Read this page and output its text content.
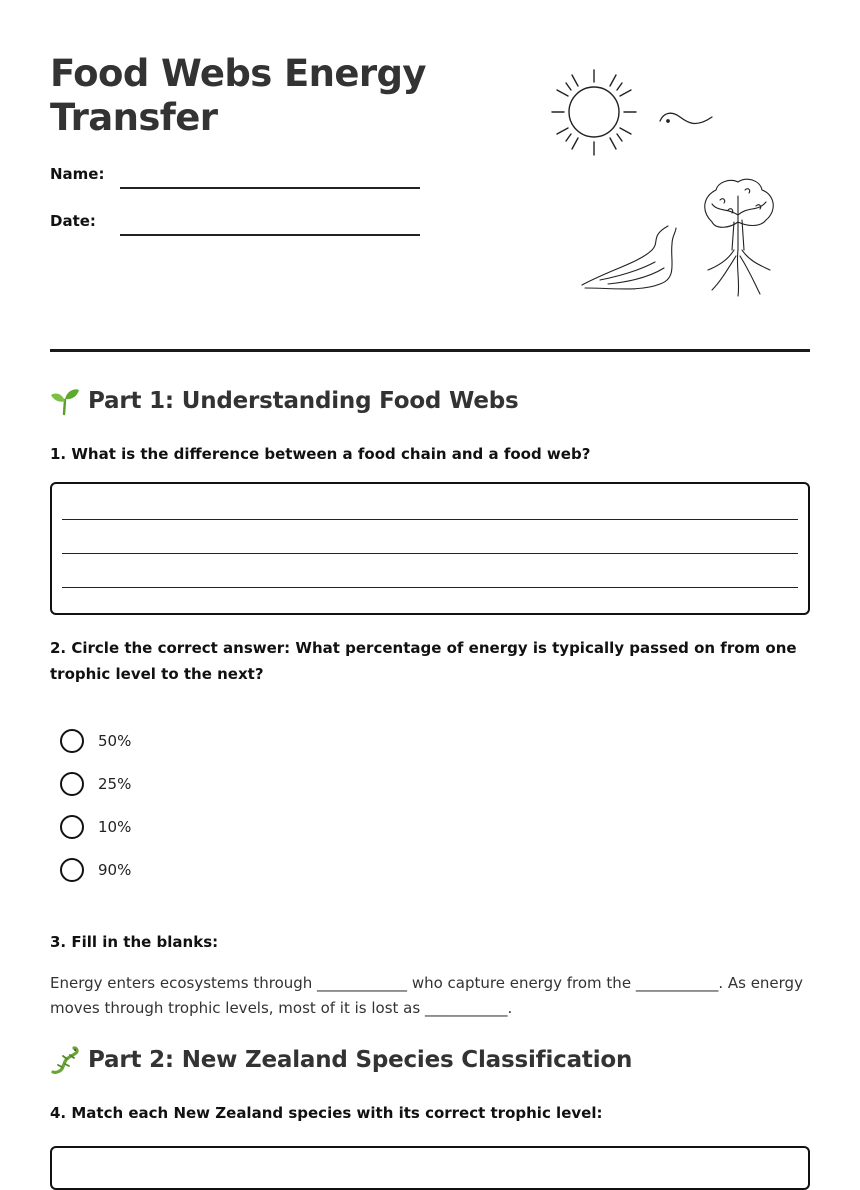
Food Webs Energy
Transfer
Name:
Date:
Part 1: Understanding Food Webs

1. What is the difference between a food chain and a food web?

2. Circle the correct answer: What percentage of energy is typically passed on from one trophic level to the next?

50%
25%
10%
90%

3. Fill in the blanks:

Energy enters ecosystems through ____________ who capture energy from the ___________. As energy moves through trophic levels, most of it is lost as ___________.

Part 2: New Zealand Species Classification

4. Match each New Zealand species with its correct trophic level:
